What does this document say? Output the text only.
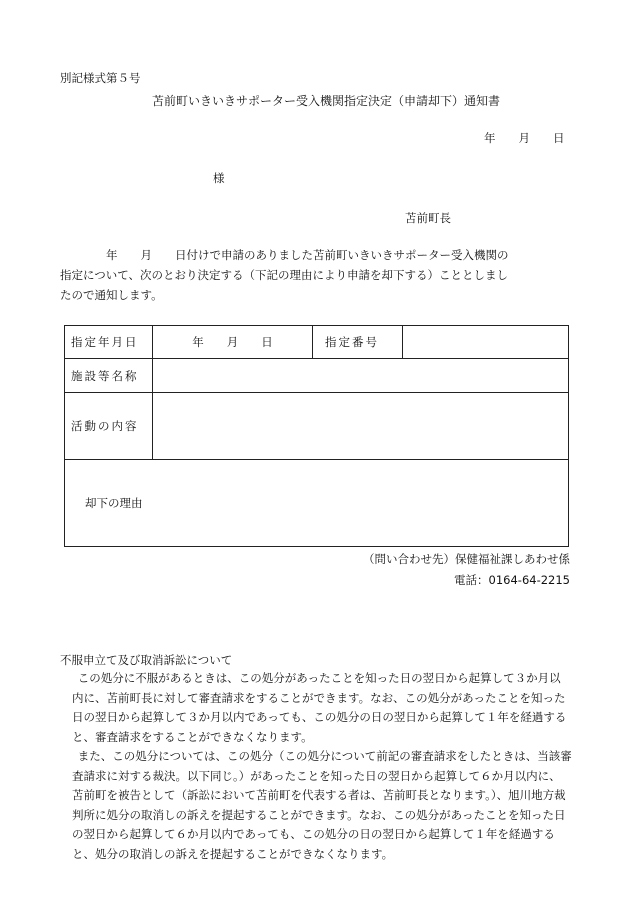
別記様式第５号
苫前町いきいきサポーター受入機関指定決定（申請却下）通知書
年　　月　　日
様
苫前町長

　　　　年　　月　　日付けで申請のありました苫前町いきいきサポーター受入機関の

指定について、次のとおり決定する（下記の理由により申請を却下する）こととしまし

たので通知します。

指定年月日	年　　月　　日	指定番号	
施設等名称			
活動の内容			
却下の理由			
（問い合わせ先）保健福祉課しあわせ係
電話：0164-64-2215
不服申立て及び取消訴訟について

この処分に不服があるときは、この処分があったことを知った日の翌日から起算して３か月以内に、苫前町長に対して審査請求をすることができます。なお、この処分があったことを知った日の翌日から起算して３か月以内であっても、この処分の日の翌日から起算して１年を経過すると、審査請求をすることができなくなります。

また、この処分については、この処分（この処分について前記の審査請求をしたときは、当該審査請求に対する裁決。以下同じ。）があったことを知った日の翌日から起算して６か月以内に、苫前町を被告として（訴訟において苫前町を代表する者は、苫前町長となります。）、旭川地方裁判所に処分の取消しの訴えを提起することができます。なお、この処分があったことを知った日の翌日から起算して６か月以内であっても、この処分の日の翌日から起算して１年を経過すると、処分の取消しの訴えを提起することができなくなります。
